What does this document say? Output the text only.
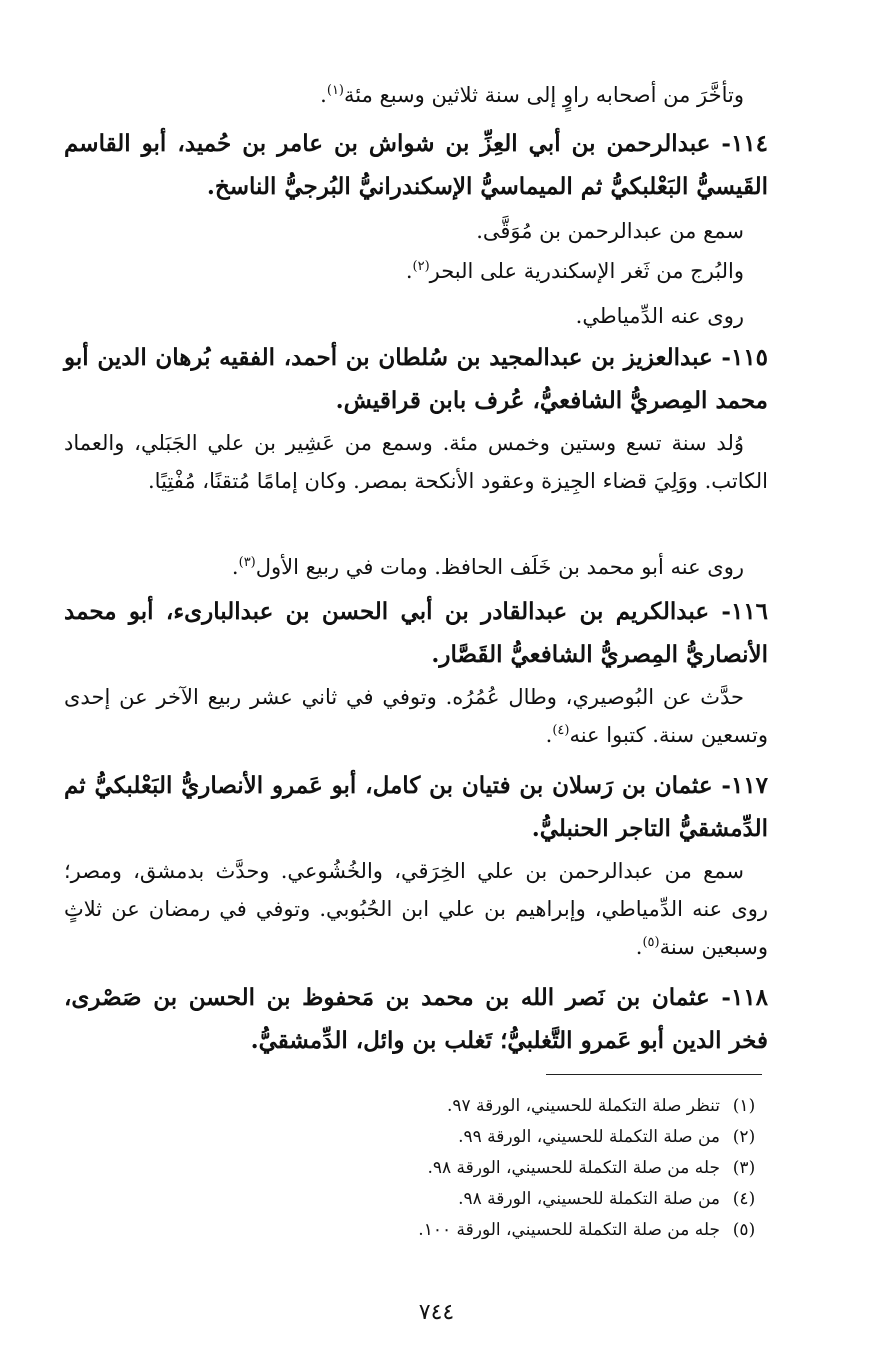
وتأخَّرَ من أصحابه راوٍ إلى سنة ثلاثين وسبع مئة$^{(١)}$.

١١٤- عبدالرحمن بن أبي العِزِّ بن شواش بن عامر بن حُميد، أبو القاسم القَيسيُّ البَعْلبكيُّ ثم الميماسيُّ الإسكندرانيُّ البُرجيُّ الناسخ.

سمع من عبدالرحمن بن مُوَقَّى.

والبُرج من ثَغر الإسكندرية على البحر$^{(٢)}$.

روى عنه الدِّمياطي.

١١٥- عبدالعزيز بن عبدالمجيد بن سُلطان بن أحمد، الفقيه بُرهان الدين أبو محمد المِصريُّ الشافعيُّ، عُرف بابن قراقيش.

وُلد سنة تسع وستين وخمس مئة. وسمع من عَشِير بن علي الجَبَلي، والعماد الكاتب. ووَلِيَ قضاء الجِيزة وعقود الأنكحة بمصر. وكان إمامًا مُتقنًا، مُفْتِيًا.

روى عنه أبو محمد بن خَلَف الحافظ. ومات في ربيع الأول$^{(٣)}$.

١١٦- عبدالكريم بن عبدالقادر بن أبي الحسن بن عبدالبارىء، أبو محمد الأنصاريُّ المِصريُّ الشافعيُّ القَصَّار.

حدَّث عن البُوصيري، وطال عُمُرُه. وتوفي في ثاني عشر ربيع الآخر عن إحدى وتسعين سنة. كتبوا عنه$^{(٤)}$.

١١٧- عثمان بن رَسلان بن فتيان بن كامل، أبو عَمرو الأنصاريُّ البَعْلبكيُّ ثم الدِّمشقيُّ التاجر الحنبليُّ.

سمع من عبدالرحمن بن علي الخِرَقي، والخُشُوعي. وحدَّث بدمشق، ومصر؛ روى عنه الدِّمياطي، وإبراهيم بن علي ابن الحُبُوبي. وتوفي في رمضان عن ثلاثٍ وسبعين سنة$^{(٥)}$.

١١٨- عثمان بن نَصر الله بن محمد بن مَحفوظ بن الحسن بن صَصْرى، فخر الدين أبو عَمرو التَّغلبيُّ؛ تَغلب بن وائل، الدِّمشقيُّ.

(١)
تنظر صلة التكملة للحسيني، الورقة ٩٧.
(٢)
من صلة التكملة للحسيني، الورقة ٩٩.
(٣)
جله من صلة التكملة للحسيني، الورقة ٩٨.
(٤)
من صلة التكملة للحسيني، الورقة ٩٨.
(٥)
جله من صلة التكملة للحسيني، الورقة ١٠٠.
٧٤٤
